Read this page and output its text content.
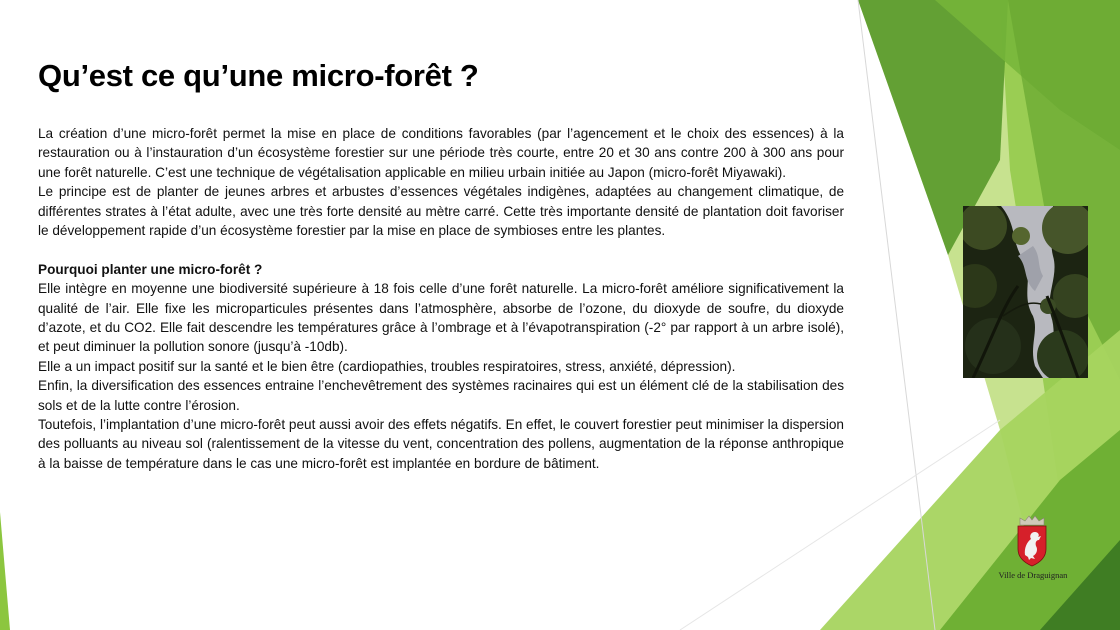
Qu’est ce qu’une micro-forêt ?

La création d’une micro-forêt permet la mise en place de conditions favorables (par l’agencement et le choix des essences) à la restauration ou à l’instauration d’un écosystème forestier sur une période très courte, entre 20 et 30 ans contre 200 à 300 ans pour une forêt naturelle. C’est une technique de végétalisation applicable en milieu urbain initiée au Japon (micro-forêt Miyawaki).

Le principe est de planter de jeunes arbres et arbustes d’essences végétales indigènes, adaptées au changement climatique, de différentes strates à l’état adulte, avec une très forte densité au mètre carré. Cette très importante densité de plantation doit favoriser le développement rapide d’un écosystème forestier par la mise en place de symbioses entre les plantes.

Pourquoi planter une micro-forêt ?

Elle intègre en moyenne une biodiversité supérieure à 18 fois celle d’une forêt naturelle. La micro-forêt améliore significativement la qualité de l’air. Elle fixe les microparticules présentes dans l’atmosphère, absorbe de l’ozone, du dioxyde de soufre, du dioxyde d’azote, et du CO2. Elle fait descendre les températures grâce à l’ombrage et à l’évapotranspiration (-2° par rapport à un arbre isolé), et peut diminuer la pollution sonore (jusqu’à -10db).

Elle a un impact positif sur la santé et le bien être (cardiopathies, troubles respiratoires, stress, anxiété, dépression).

Enfin, la diversification des essences entraine l’enchevêtrement des systèmes racinaires qui est un élément clé de la stabilisation des sols et de la lutte contre l’érosion.

Toutefois, l’implantation d’une micro-forêt peut aussi avoir des effets négatifs. En effet, le couvert forestier peut minimiser la dispersion des polluants au niveau sol (ralentissement de la vitesse du vent, concentration des pollens, augmentation de la réponse anthropique à la baisse de température dans le cas une micro-forêt est implantée en bordure de bâtiment.

Ville de Draguignan
